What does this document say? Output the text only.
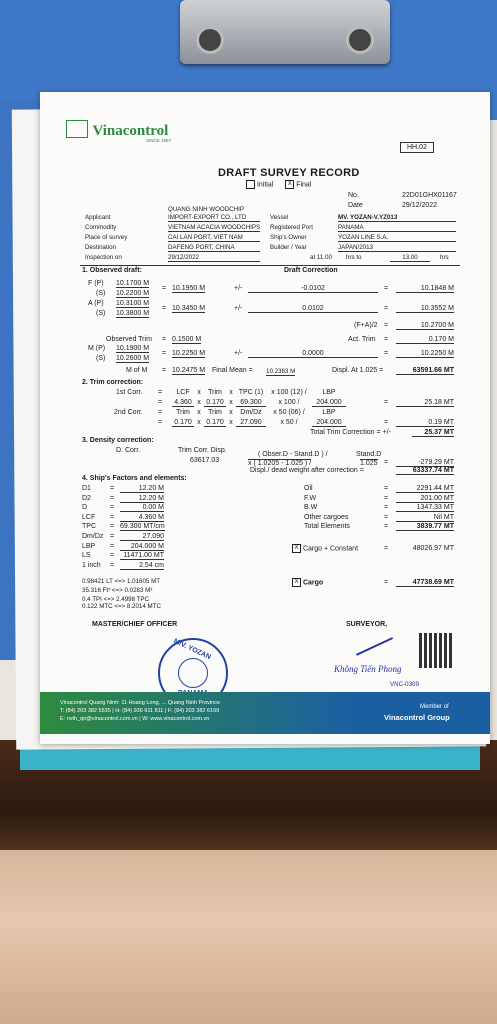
Vinacontrol
SINCE 1957
HH.02
DRAFT SURVEY RECORD
Initial X Final
No.	22D01GHX01167
Date	29/12/2022
Applicant
QUANG NINH WOODCHIP
IMPORT-EXPORT CO., LTD
Commodity	VIETNAM ACACIA WOODCHIPS
Place of survey	CAI LAN PORT, VIET NAM
Destination	DAFENG PORT, CHINA
Inspection on	29/12/2022
Vessel	MV. YOZAN-V.YZ013
Registered Port	PANAMA
Ship's Owner	YOZAN LINE S.A.
Builder / Year	JAPAN/2013
at 11.00 hrs to	13.00	hrs
1. Observed draft:	Draft Correction
F (P) 10.1700 M
(S) 10.2200 M
= 10.1950 M	+/-	-0.0102	=	10.1848 M
A (P) 10.3100 M
(S) 10.3800 M
= 10.3450 M	+/-	0.0102	=	10.3552 M
(F+A)/2 =	10.2700 M
Observed Trim = 0.1500 M	Act. Trim =	0.170 M
M (P) 10.1900 M
(S) 10.2600 M
= 10.2250 M	+/-	0.0000	=	10.2250 M
M of M = 10.2475 M Final Mean = 10.2363 M	Displ. At 1.025 =	63591.66 MT
2. Trim correction:
1st Corr. =	LCF x Trim x TPC (1) x 100 (12) / LBP
=	4.360 x 0.170 x 69.300 x 100 / 204.000	=	25.18 MT
2nd Corr. =	Trim x Trim x Dm/Dz x 50 (06) /	LBP
=	0.170 x 0.170 x 27.090	x 50 /	204.000	=	0.19 MT
Total Trim Correction = +/-	25.37 MT
3. Density correction:
D. Corr.	Trim Corr. Disp.
( Obser.D - Stand.D ) /	Stand.D
63617.03	x ( 1.0205 - 1.025 ) /	1.025 =	-279.29 MT
Displ./ dead weight after correction =	63337.74 MT
4. Ship's Factors and elements:
D1	=	12.20 M
D2	=	12.20 M
D	=	0.00 M
LCF =	4.360 M
TPC = 69.300 MT/cm
Dm/Dz =	27.090
LBP =	204.000 M
LS	=	11471.00 MT
1 inch =	2.54 cm
Oil	=	2291.44 MT
F.W	=	201.00 MT
B.W	=	1347.33 MT
Other cargoes	=	Nil MT
Total Elements	=	3839.77 MT
X Cargo + Constant	=	48026.97 MT
X Cargo	=	47738.69 MT
0.98421 LT <=> 1.01605 MT
35.316 Ft³ <=> 0.0283 M³
0.4 TPI <=> 2.4998 TPC
0.122 MTC <=> 8.2014 MTC
MASTER/CHIEF OFFICER	SURVEYOR,
M/V. YOZAN
Không Tiến Phong
VNC-0309
Vinacontrol Quang Ninh: 11 Hoang Long, ... Quang Ninh Province
T: (84) 203 382 5535 | H: (84) 936 911 811 | F: (84) 203 382 6169
E: nvth_qn@vinacontrol.com.vn | W: www.vinacontrol.com.vn
Member of
Vinacontrol Group
